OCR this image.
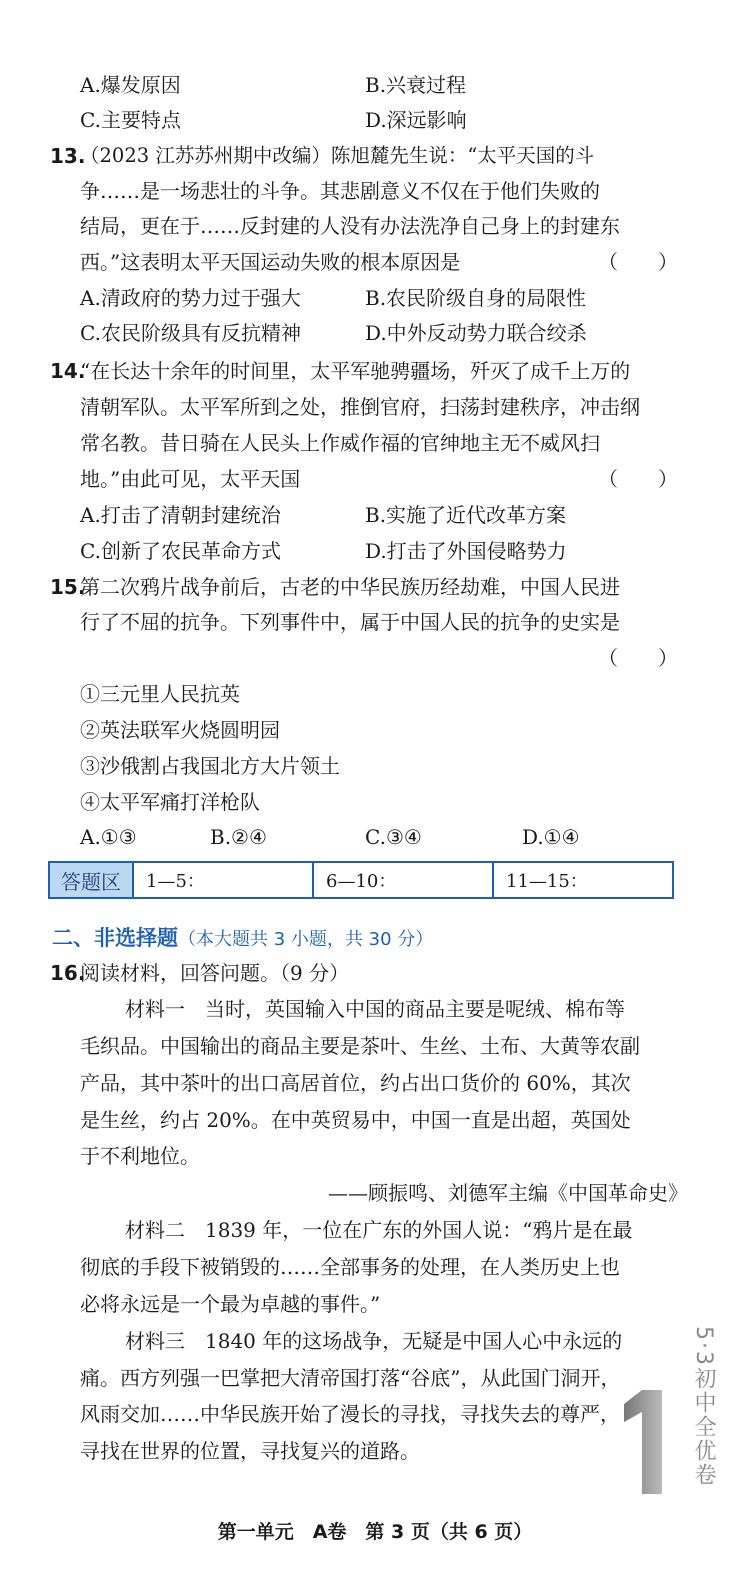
A.爆发原因	B.兴衰过程
C.主要特点	D.深远影响
13.
（2023 江苏苏州期中改编）陈旭麓先生说：“太平天国的斗
争……是一场悲壮的斗争。其悲剧意义不仅在于他们失败的
结局，更在于……反封建的人没有办法洗净自己身上的封建东
西。”这表明太平天国运动失败的根本原因是	（　　）
A.清政府的势力过于强大	B.农民阶级自身的局限性
C.农民阶级具有反抗精神	D.中外反动势力联合绞杀
14.
“在长达十余年的时间里，太平军驰骋疆场，歼灭了成千上万的
清朝军队。太平军所到之处，推倒官府，扫荡封建秩序，冲击纲
常名教。昔日骑在人民头上作威作福的官绅地主无不威风扫
地。”由此可见，太平天国	（　　）
A.打击了清朝封建统治	B.实施了近代改革方案
C.创新了农民革命方式	D.打击了外国侵略势力
15.
第二次鸦片战争前后，古老的中华民族历经劫难，中国人民进
行了不屈的抗争。下列事件中，属于中国人民的抗争的史实是
（　　）
①三元里人民抗英
②英法联军火烧圆明园
③沙俄割占我国北方大片领土
④太平军痛打洋枪队
A.①③	B.②④	C.③④	D.①④
答题区	1—5：	6—10：	11—15：
二、非选择题（本大题共 3 小题，共 30 分）
16.
阅读材料，回答问题。（9 分）
材料一　当时，英国输入中国的商品主要是呢绒、棉布等
毛织品。中国输出的商品主要是茶叶、生丝、土布、大黄等农副
产品，其中茶叶的出口高居首位，约占出口货价的 60%，其次
是生丝，约占 20%。在中英贸易中，中国一直是出超，英国处
于不利地位。
——顾振鸣、刘德军主编《中国革命史》
材料二　1839 年，一位在广东的外国人说：“鸦片是在最
彻底的手段下被销毁的……全部事务的处理，在人类历史上也
必将永远是一个最为卓越的事件。”
材料三　1840 年的这场战争，无疑是中国人心中永远的
痛。西方列强一巴掌把大清帝国打落“谷底”，从此国门洞开，
风雨交加……中华民族开始了漫长的寻找，寻找失去的尊严，
寻找在世界的位置，寻找复兴的道路。	5·3初中全优卷
1
第一单元　A卷　第 3 页（共 6 页）
